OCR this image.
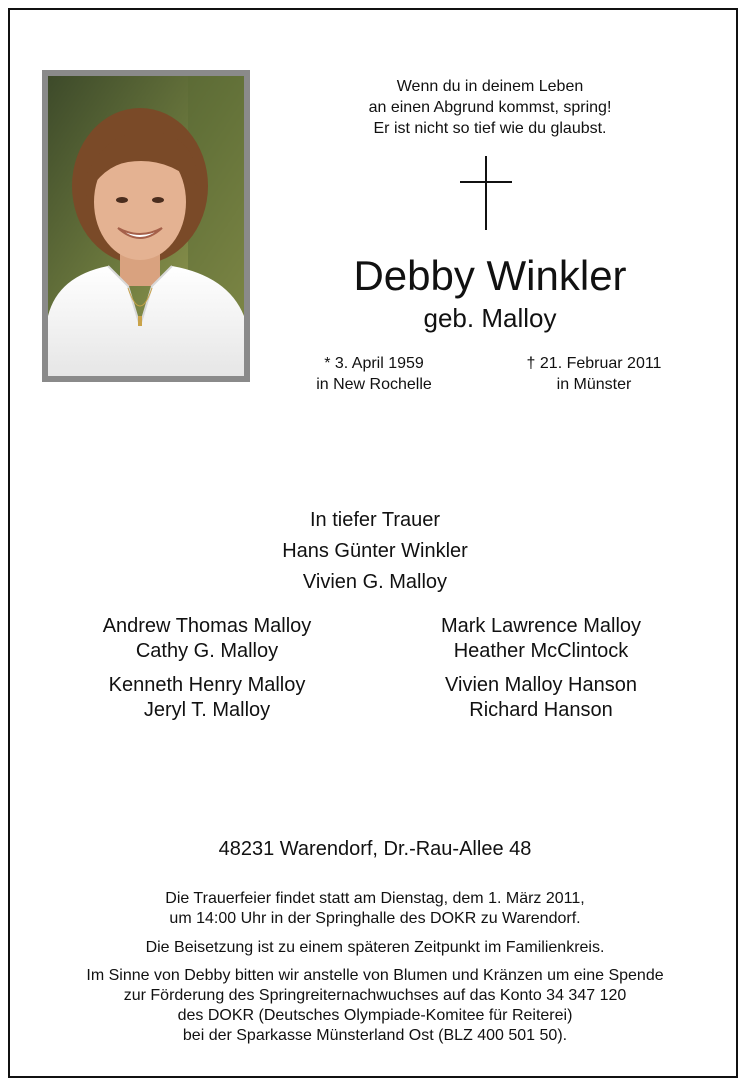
Wenn du in deinem Leben
an einen Abgrund kommst, spring!
Er ist nicht so tief wie du glaubst.
Debby Winkler
geb. Malloy
* 3. April 1959
in New Rochelle
† 21. Februar 2011
in Münster
In tiefer Trauer
Hans Günter Winkler
Vivien G. Malloy
Andrew Thomas Malloy
Cathy G. Malloy
Mark Lawrence Malloy
Heather McClintock
Kenneth Henry Malloy
Jeryl T. Malloy
Vivien Malloy Hanson
Richard Hanson
48231 Warendorf, Dr.-Rau-Allee 48
Die Trauerfeier findet statt am Dienstag, dem 1. März 2011,
um 14:00 Uhr in der Springhalle des DOKR zu Warendorf.
Die Beisetzung ist zu einem späteren Zeitpunkt im Familienkreis.
Im Sinne von Debby bitten wir anstelle von Blumen und Kränzen um eine Spende
zur Förderung des Springreiternachwuchses auf das Konto 34 347 120
des DOKR (Deutsches Olympiade-Komitee für Reiterei)
bei der Sparkasse Münsterland Ost (BLZ 400 501 50).
